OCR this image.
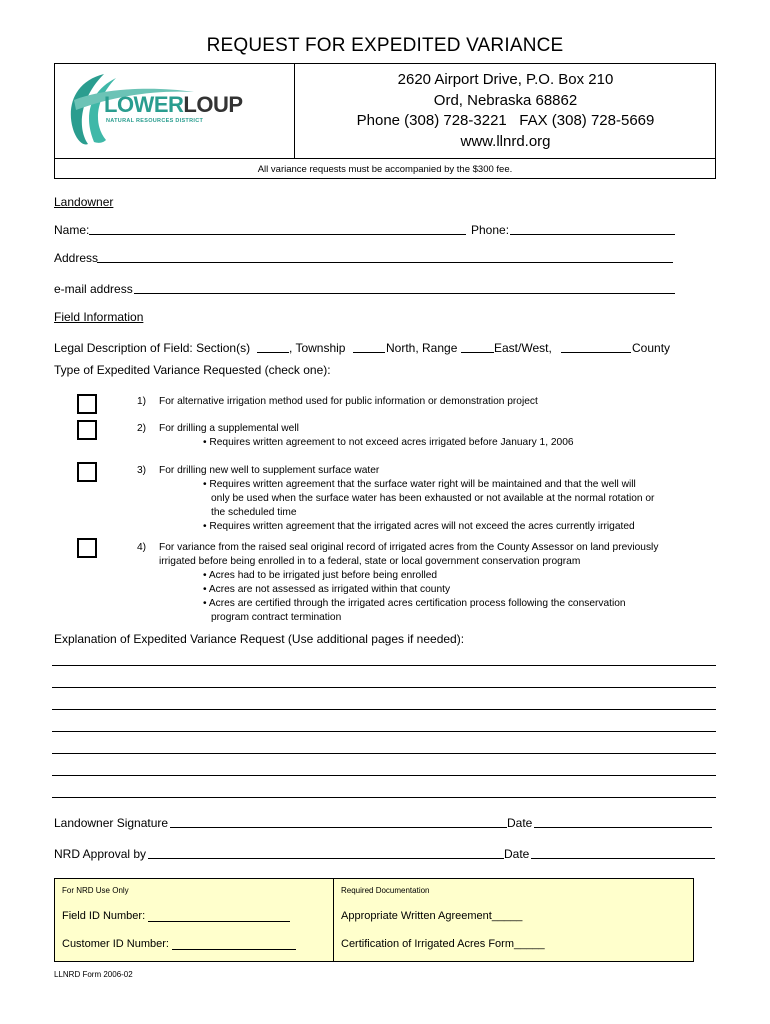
REQUEST FOR EXPEDITED VARIANCE
LOWERLOUP
NATURAL RESOURCES DISTRICT
2620 Airport Drive, P.O. Box 210
Ord, Nebraska 68862
Phone (308) 728-3221   FAX (308) 728-5669
www.llnrd.org
All variance requests must be accompanied by the $300 fee.
Landowner
Name:	Phone:
Address
e-mail address
Field Information
Legal Description of Field: Section(s)	, Township	North, Range	East/West,	County
Type of Expedited Variance Requested (check one):
1) For alternative irrigation method used for public information or demonstration project
2) For drilling a supplemental well
• Requires written agreement to not exceed acres irrigated before January 1, 2006
3) For drilling new well to supplement surface water
• Requires written agreement that the surface water right will be maintained and that the well will
only be used when the surface water has been exhausted or not available at the normal rotation or
the scheduled time
• Requires written agreement that the irrigated acres will not exceed the acres currently irrigated
4) For variance from the raised seal original record of irrigated acres from the County Assessor on land previously
irrigated before being enrolled in to a federal, state or local government conservation program
• Acres had to be irrigated just before being enrolled
• Acres are not assessed as irrigated within that county
• Acres are certified through the irrigated acres certification process following the conservation
program contract termination
Explanation of Expedited Variance Request (Use additional pages if needed):
Landowner Signature	Date
NRD Approval by	Date
For NRD Use Only	Required Documentation
Field ID Number:	Appropriate Written Agreement_____
Customer ID Number:	Certification of Irrigated Acres Form_____
LLNRD Form 2006-02
